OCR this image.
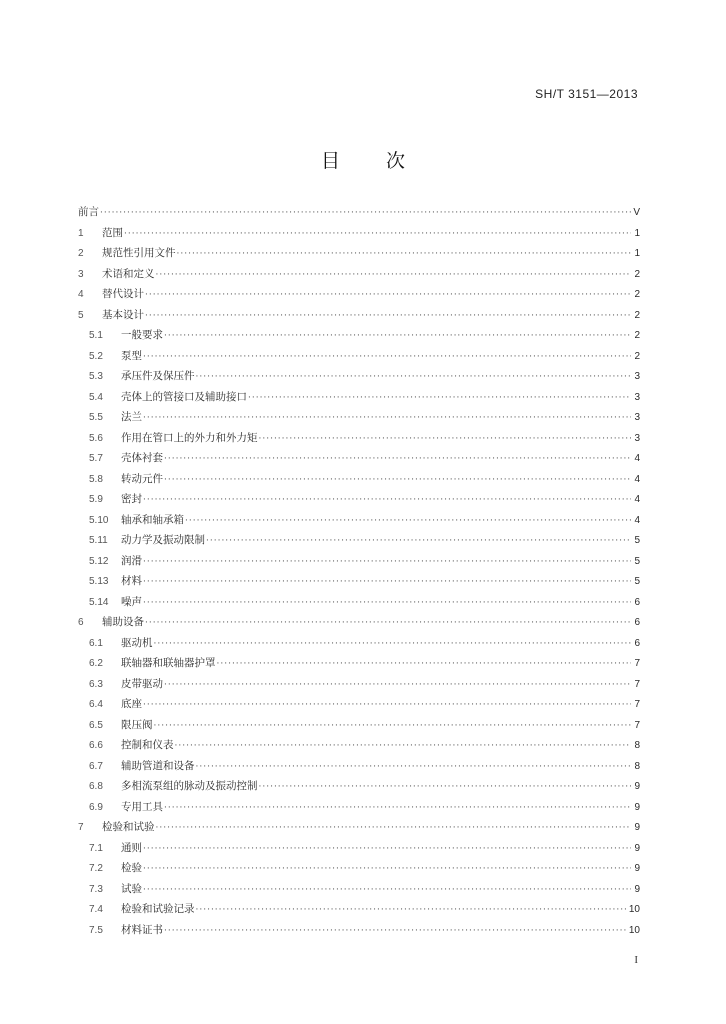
SH/T 3151—2013
目次
前言 ·····	V
1	范围 ·····	1
2	规范性引用文件 ·····	1
3	术语和定义 ·····	2
4	替代设计 ·····	2
5	基本设计 ·····	2
5.1	一般要求 ·····	2
5.2	泵型 ·····	2
5.3	承压件及保压件 ·····	3
5.4	壳体上的管接口及辅助接口 ·····	3
5.5	法兰 ·····	3
5.6	作用在管口上的外力和外力矩 ·····	3
5.7	壳体衬套 ·····	4
5.8	转动元件 ·····	4
5.9	密封 ·····	4
5.10	轴承和轴承箱 ·····	4
5.11	动力学及振动限制 ·····	5
5.12	润滑 ·····	5
5.13	材料 ·····	5
5.14	噪声 ·····	6
6	辅助设备 ·····	6
6.1	驱动机 ·····	6
6.2	联轴器和联轴器护罩 ·····	7
6.3	皮带驱动 ·····	7
6.4	底座 ·····	7
6.5	限压阀 ·····	7
6.6	控制和仪表 ·····	8
6.7	辅助管道和设备 ·····	8
6.8	多相流泵组的脉动及振动控制 ·····	9
6.9	专用工具 ·····	9
7	检验和试验 ·····	9
7.1	通则 ·····	9
7.2	检验 ·····	9
7.3	试验 ·····	9
7.4	检验和试验记录 ·····	10
7.5	材料证书 ·····	10
I
